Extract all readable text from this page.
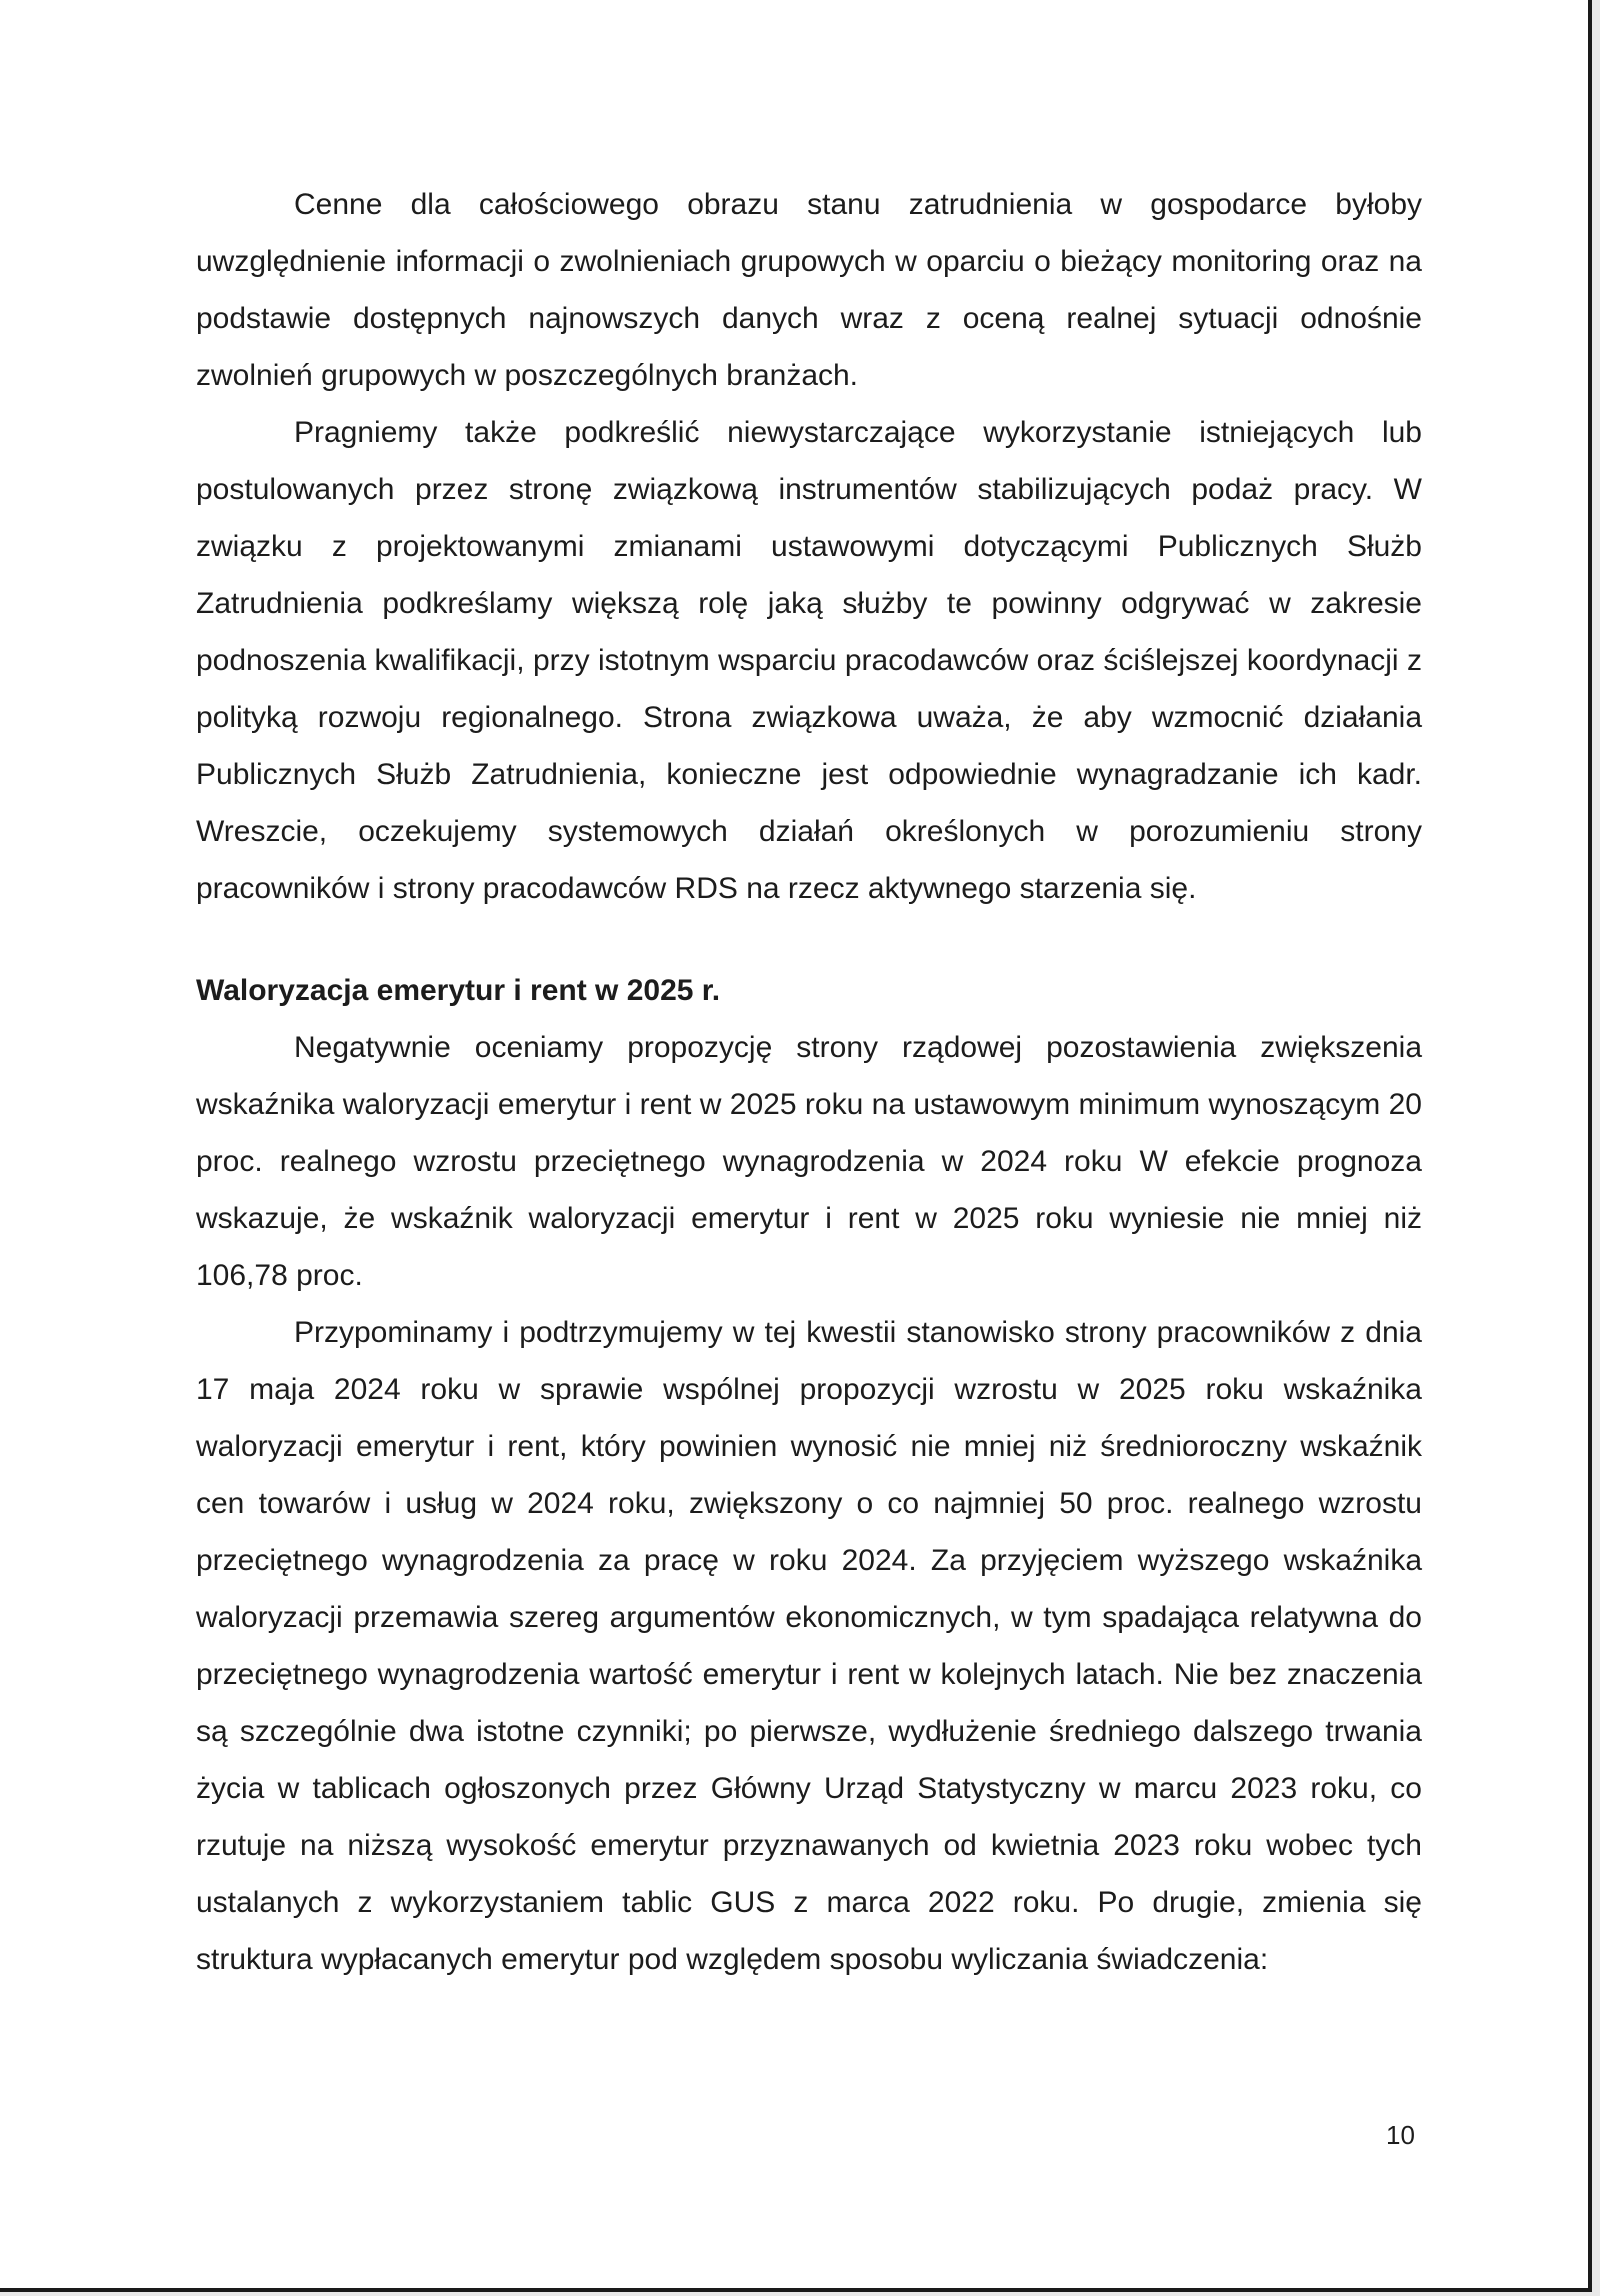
Cenne dla całościowego obrazu stanu zatrudnienia w gospodarce byłoby uwzględnienie informacji o zwolnieniach grupowych w oparciu o bieżący monitoring oraz na podstawie dostępnych najnowszych danych wraz z oceną realnej sytuacji odnośnie zwolnień grupowych w poszczególnych branżach.

Pragniemy także podkreślić niewystarczające wykorzystanie istniejących lub postulowanych przez stronę związkową instrumentów stabilizujących podaż pracy. W związku z projektowanymi zmianami ustawowymi dotyczącymi Publicznych Służb Zatrudnienia podkreślamy większą rolę jaką służby te powinny odgrywać w zakresie podnoszenia kwalifikacji, przy istotnym wsparciu pracodawców oraz ściślejszej koordynacji z polityką rozwoju regionalnego. Strona związkowa uważa, że aby wzmocnić działania Publicznych Służb Zatrudnienia, konieczne jest odpowiednie wynagradzanie ich kadr. Wreszcie, oczekujemy systemowych działań określonych w porozumieniu strony pracowników i strony pracodawców RDS na rzecz aktywnego starzenia się.

Waloryzacja emerytur i rent w 2025 r.

Negatywnie oceniamy propozycję strony rządowej pozostawienia zwiększenia wskaźnika waloryzacji emerytur i rent w 2025 roku na ustawowym minimum wynoszącym 20 proc. realnego wzrostu przeciętnego wynagrodzenia w 2024 roku W efekcie prognoza wskazuje, że wskaźnik waloryzacji emerytur i rent w 2025 roku wyniesie nie mniej niż 106,78 proc.

Przypominamy i podtrzymujemy w tej kwestii stanowisko strony pracowników z dnia 17 maja 2024 roku w sprawie wspólnej propozycji wzrostu w 2025 roku wskaźnika waloryzacji emerytur i rent, który powinien wynosić nie mniej niż średnioroczny wskaźnik cen towarów i usług w 2024 roku, zwiększony o co najmniej 50 proc. realnego wzrostu przeciętnego wynagrodzenia za pracę w roku 2024. Za przyjęciem wyższego wskaźnika waloryzacji przemawia szereg argumentów ekonomicznych, w tym spadająca relatywna do przeciętnego wynagrodzenia wartość emerytur i rent w kolejnych latach. Nie bez znaczenia są szczególnie dwa istotne czynniki; po pierwsze, wydłużenie średniego dalszego trwania życia w tablicach ogłoszonych przez Główny Urząd Statystyczny w marcu 2023 roku, co rzutuje na niższą wysokość emerytur przyznawanych od kwietnia 2023 roku wobec tych ustalanych z wykorzystaniem tablic GUS z marca 2022 roku. Po drugie, zmienia się struktura wypłacanych emerytur pod względem sposobu wyliczania świadczenia:

10
